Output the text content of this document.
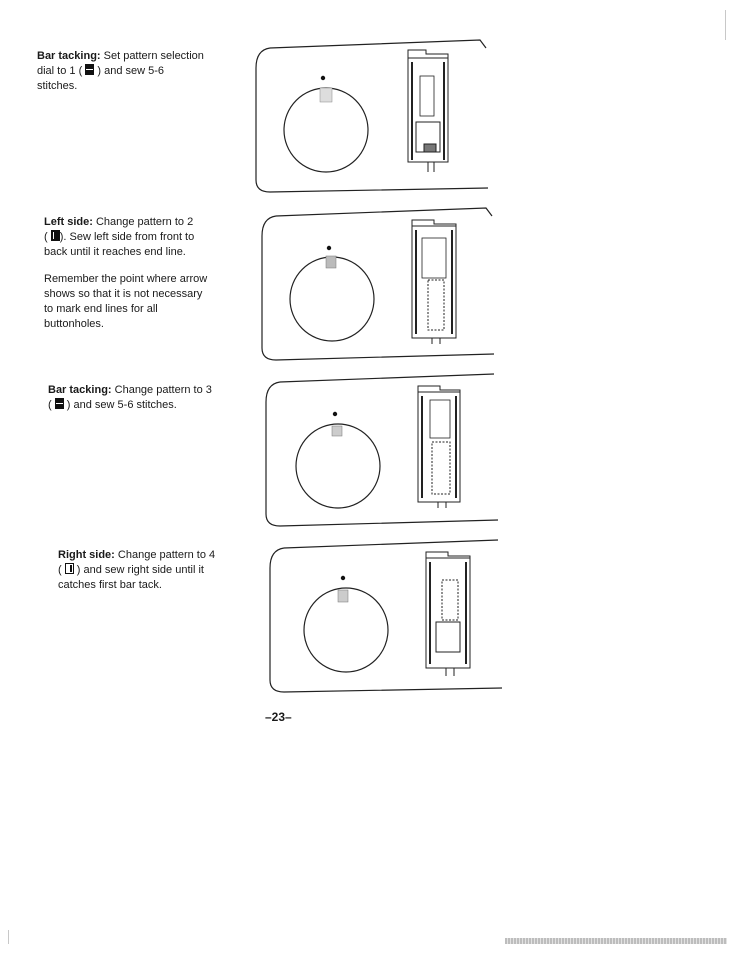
Bar tacking: Set pattern selection
dial to 1 (  ) and sew 5-6
stitches.
Left side: Change pattern to 2
( ). Sew left side from front to
back until it reaches end line.
Remember the point where arrow
shows so that it is not necessary
to mark end lines for all
buttonholes.
Bar tacking: Change pattern to 3
(  ) and sew 5-6 stitches.
Right side: Change pattern to 4
(  ) and sew right side until it
catches first bar tack.
–23–
